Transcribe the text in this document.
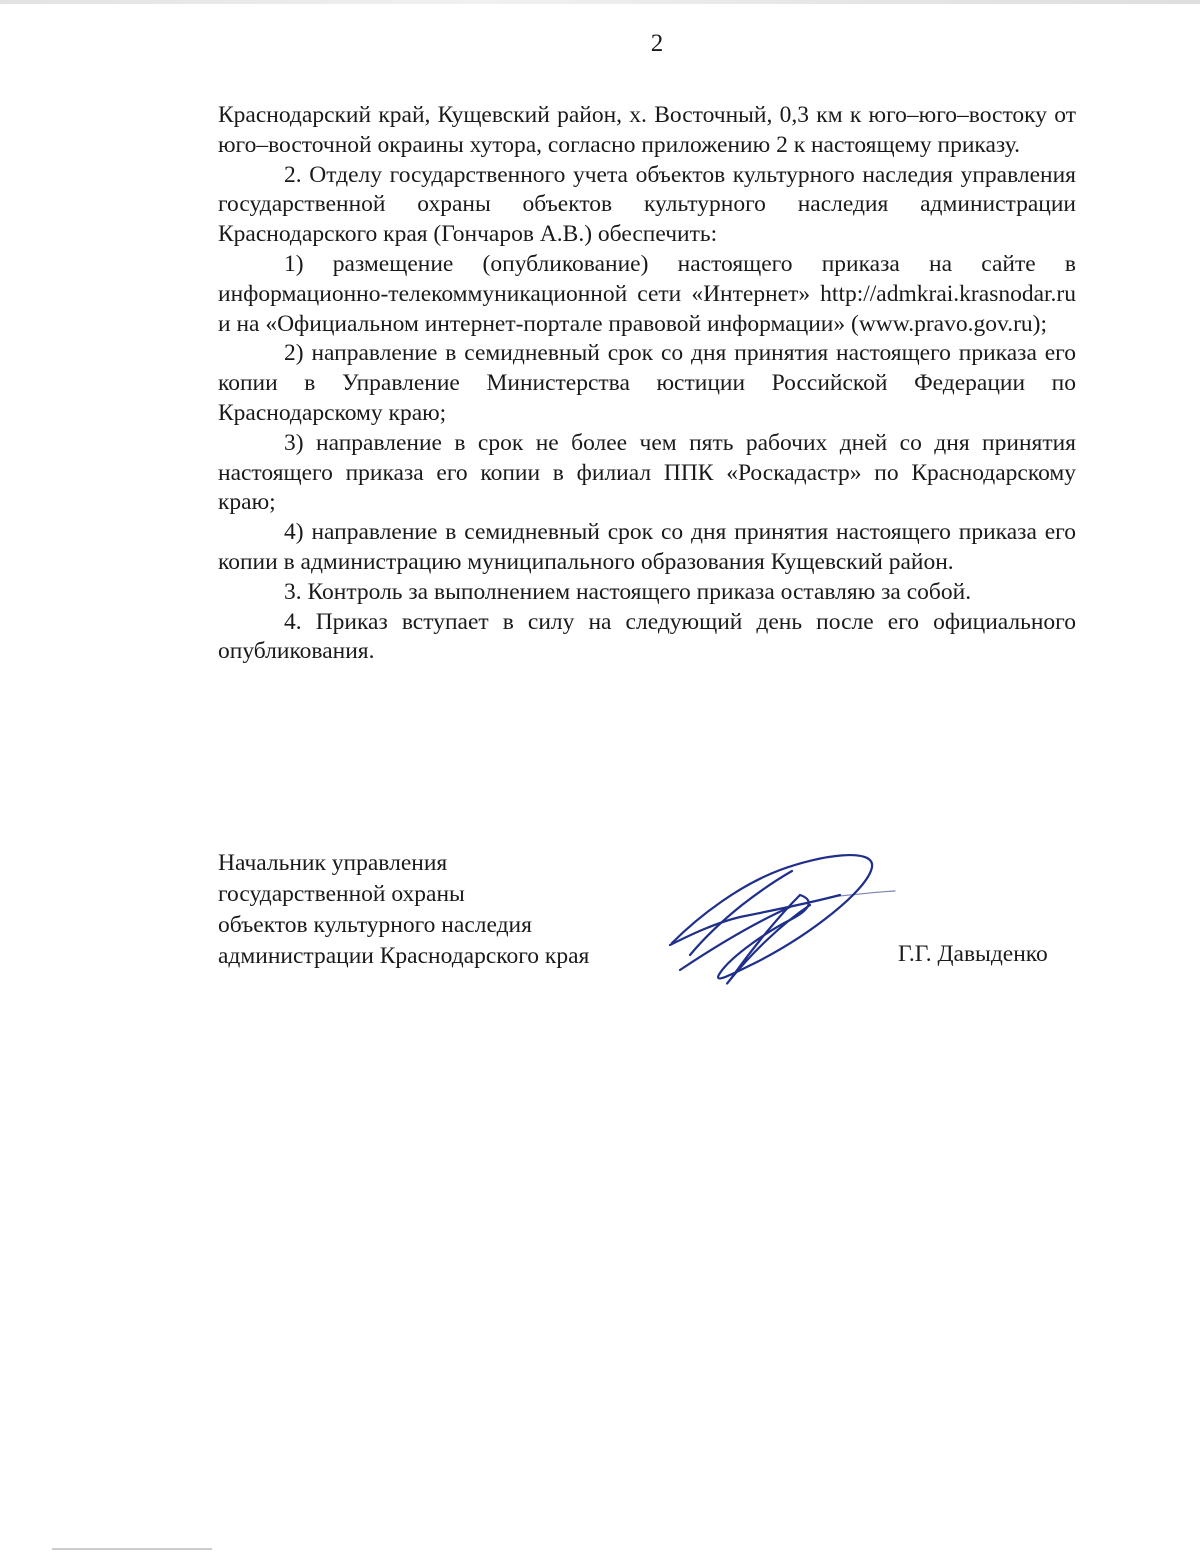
2

Краснодарский край, Кущевский район, х. Восточный, 0,3 км к юго–юго–востоку от юго–восточной окраины хутора, согласно приложению 2 к настоящему приказу.

2. Отделу государственного учета объектов культурного наследия управления государственной охраны объектов культурного наследия администрации Краснодарского края (Гончаров А.В.) обеспечить:

1) размещение (опубликование) настоящего приказа на сайте в информационно-телекоммуникационной сети «Интернет» http://admkrai.krasnodar.ru и на «Официальном интернет-портале правовой информации» (www.pravo.gov.ru);

2) направление в семидневный срок со дня принятия настоящего приказа его копии в Управление Министерства юстиции Российской Федерации по Краснодарскому краю;

3) направление в срок не более чем пять рабочих дней со дня принятия настоящего приказа его копии в филиал ППК «Роскадастр» по Краснодарскому краю;

4) направление в семидневный срок со дня принятия настоящего приказа его копии в администрацию муниципального образования Кущевский район.

3. Контроль за выполнением настоящего приказа оставляю за собой.

4. Приказ вступает в силу на следующий день после его официального опубликования.

Начальник управления
государственной охраны
объектов культурного наследия
администрации Краснодарского края	Г.Г. Давыденко
